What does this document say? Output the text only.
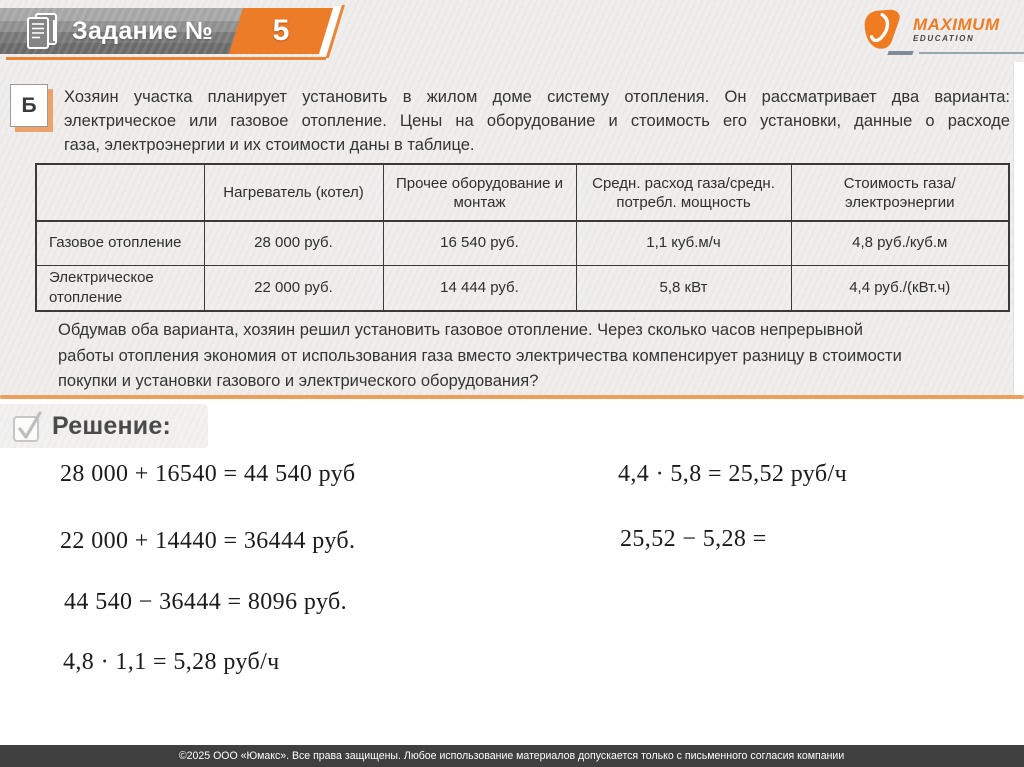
Задание №	5	MAXIMUM
EDUCATION
Б	Хозяин участка планирует установить в жилом доме систему отопления. Он рассматривает два варианта:
электрическое или газовое отопление. Цены на оборудование и стоимость его установки, данные о расходе
газа, электроэнергии и их стоимости даны в таблице.
	Нагреватель (котел)	Прочее оборудование и монтаж	Средн. расход газа/средн. потребл. мощность	Стоимость газа/электроэнергии
Газовое отопление	28 000 руб.	16 540 руб.	1,1 куб.м/ч	4,8 руб./куб.м
Электрическое отопление	22 000 руб.	14 444 руб.	5,8 кВт	4,4 руб./(кВт.ч)
Обдумав оба варианта, хозяин решил установить газовое отопление. Через сколько часов непрерывной
работы отопления экономия от использования газа вместо электричества компенсирует разницу в стоимости
покупки и установки газового и электрического оборудования?
Решение:
28 000 + 16540 = 44 540 руб
22 000 + 14440 = 36444 руб.
44 540 − 36444 = 8096 руб.
4,8 · 1,1 = 5,28 руб/ч
4,4 · 5,8 = 25,52 руб/ч
25,52 − 5,28 =
©2025 ООО «Юмакс». Все права защищены. Любое использование материалов допускается только с письменного согласия компании
